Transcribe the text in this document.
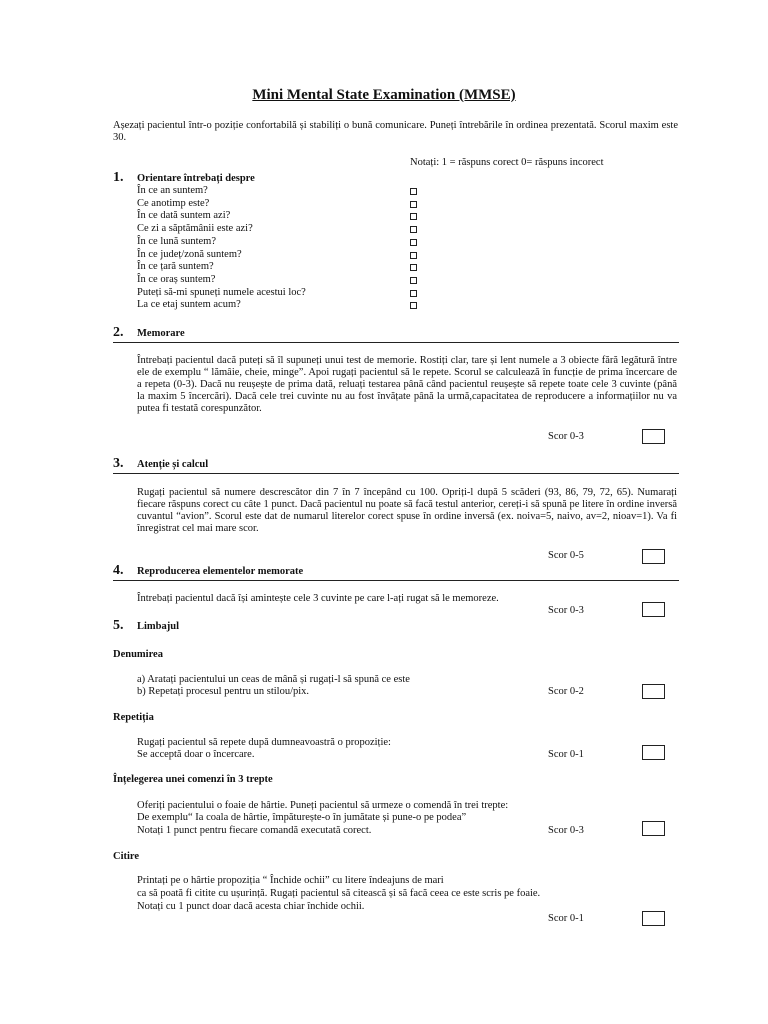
Mini Mental State Examination (MMSE)
Așezați pacientul într-o poziție confortabilă și stabiliți o bună comunicare. Puneți întrebările în ordinea prezentată. Scorul maxim este 30.
Notați: 1 = răspuns corect 0= răspuns incorect
1. Orientare întrebați despre
În ce an suntem?
Ce anotimp este?
În ce dată suntem azi?
Ce zi a săptămânii este azi?
În ce lună suntem?
În ce județ/zonă suntem?
În ce țară suntem?
În ce oraș suntem?
Puteți să-mi spuneți numele acestui loc?
La ce etaj suntem acum?
2. Memorare
Întrebați pacientul dacă puteți să îl supuneți unui test de memorie. Rostiți clar, tare și lent numele a 3 obiecte fără legătură între ele de exemplu “ lămâie, cheie, minge”. Apoi rugați pacientul să le repete. Scorul se calculează în funcție de prima încercare de a repeta (0-3). Dacă nu reușește de prima dată, reluați testarea până când pacientul reușește să repete toate cele 3 cuvinte (până la maxim 5 încercări). Dacă cele trei cuvinte nu au fost învățate până la urmă,capacitatea de reproducere a informațiilor nu va putea fi testată corespunzător.
Scor 0-3
3. Atenție și calcul
Rugați pacientul să numere descrescător din 7 în 7 începând cu 100. Opriți-l după 5 scăderi (93, 86, 79, 72, 65). Numarați fiecare răspuns corect cu câte 1 punct. Dacă pacientul nu poate să facă testul anterior, cereți-i să spună pe litere în ordine inversă cuvantul “avion”. Scorul este dat de numarul literelor corect spuse în ordine inversă (ex. noiva=5, naivo, av=2, nioav=1). Va fi înregistrat cel mai mare scor.
Scor 0-5
4. Reproducerea elementelor memorate
Întrebați pacientul dacă își amintește cele 3 cuvinte pe care l-ați rugat să le memoreze.
Scor 0-3
5. Limbajul
Denumirea
a) Aratați pacientului un ceas de mână și rugați-l să spună ce este
b) Repetați procesul pentru un stilou/pix.	Scor 0-2
Repetiția
Rugați pacientul să repete după dumneavoastră o propoziție:
Se acceptă doar o încercare.	Scor 0-1
Înțelegerea unei comenzi în 3 trepte
Oferiți pacientului o foaie de hârtie. Puneți pacientul să urmeze o comendă în trei trepte:
De exemplu“ Ia coala de hârtie, împăturește-o în jumătate și pune-o pe podea”
Notați 1 punct pentru fiecare comandă executată corect.	Scor 0-3
Citire
Printați pe o hârtie propoziția “ Închide ochii” cu litere îndeajuns de mari
ca să poată fi citite cu ușurință. Rugați pacientul să citească și să facă ceea ce este scris pe foaie.
Notați cu 1 punct doar dacă acesta chiar închide ochii.
Scor 0-1
